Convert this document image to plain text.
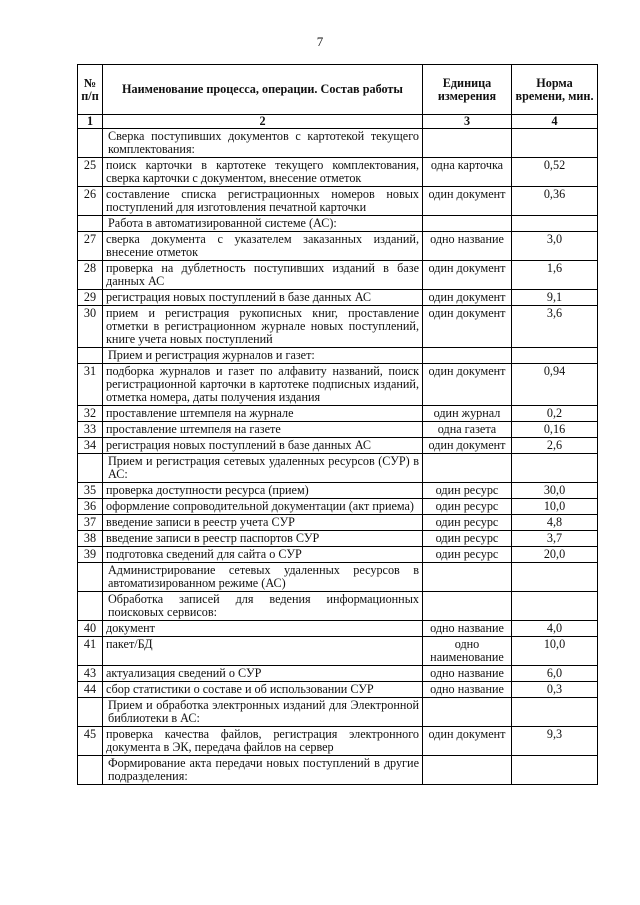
7
№ п/п	Наименование процесса, операции. Состав работы	Единица измерения	Норма времени, мин.
1	2	3	4
	Сверка поступивших документов с картотекой текущего комплектования:		
25	поиск карточки в картотеке текущего комплектования, сверка карточки с документом, внесение отметок	одна карточка	0,52
26	составление списка регистрационных номеров новых поступлений для изготовления печатной карточки	один документ	0,36
	Работа в автоматизированной системе (АС):		
27	сверка документа с указателем заказанных изданий, внесение отметок	одно название	3,0
28	проверка на дублетность поступивших изданий в базе данных АС	один документ	1,6
29	регистрация новых поступлений в базе данных АС	один документ	9,1
30	прием и регистрация рукописных книг, проставление отметки в регистрационном журнале новых поступлений, книге учета новых поступлений	один документ	3,6
	Прием и регистрация журналов и газет:		
31	подборка журналов и газет по алфавиту названий, поиск регистрационной карточки в картотеке подписных изданий, отметка номера, даты получения издания	один документ	0,94
32	проставление штемпеля на журнале	один журнал	0,2
33	проставление штемпеля на газете	одна газета	0,16
34	регистрация новых поступлений в базе данных АС	один документ	2,6
	Прием и регистрация сетевых удаленных ресурсов (СУР) в АС:		
35	проверка доступности ресурса (прием)	один ресурс	30,0
36	оформление сопроводительной документации (акт приема)	один ресурс	10,0
37	введение записи в реестр учета СУР	один ресурс	4,8
38	введение записи в реестр паспортов СУР	один ресурс	3,7
39	подготовка сведений для сайта о СУР	один ресурс	20,0
	Администрирование сетевых удаленных ресурсов в автоматизированном режиме (АС)		
	Обработка записей для ведения информационных поисковых сервисов:		
40	документ	одно название	4,0
41	пакет/БД	одно наименование	10,0
43	актуализация сведений о СУР	одно название	6,0
44	сбор статистики о составе и об использовании СУР	одно название	0,3
	Прием и обработка электронных изданий для Электронной библиотеки в АС:		
45	проверка качества файлов, регистрация электронного документа в ЭК, передача файлов на сервер	один документ	9,3
	Формирование акта передачи новых поступлений в другие подразделения:		
